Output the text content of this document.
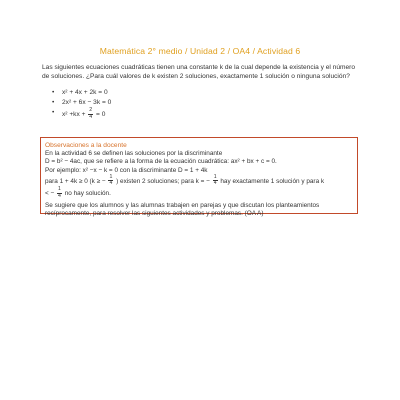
Matemática 2° medio / Unidad 2 / OA4 / Actividad 6
Las siguientes ecuaciones cuadráticas tienen una constante k de la cual depende la existencia y el número de soluciones. ¿Para cuál valores de k existen 2 soluciones, exactamente 1 solución o ninguna solución?
• x² + 4x + 2k = 0
• 2x² + 6x − 3k = 0
• $x^2 +kx + \frac{2}{4} = 0$
Observaciones a la docente
En la actividad 6 se definen las soluciones por la discriminante
D = b² − 4ac, que se refiere a la forma de la ecuación cuadrática: ax² + bx + c = 0.
Por ejemplo: x² −x − k = 0 con la discriminante D = 1 + 4k
para 1 + 4k ≥ 0 (k ≥ − $\frac{1}{4}$ ) existen 2 soluciones; para k = − $\frac{1}{4}$ hay exactamente 1 solución y para k
< − $\frac{1}{4}$ no hay solución.
Se sugiere que los alumnos y las alumnas trabajen en parejas y que discutan los planteamientos recíprocamente, para resolver las siguientes actividades y problemas. (OA A)
